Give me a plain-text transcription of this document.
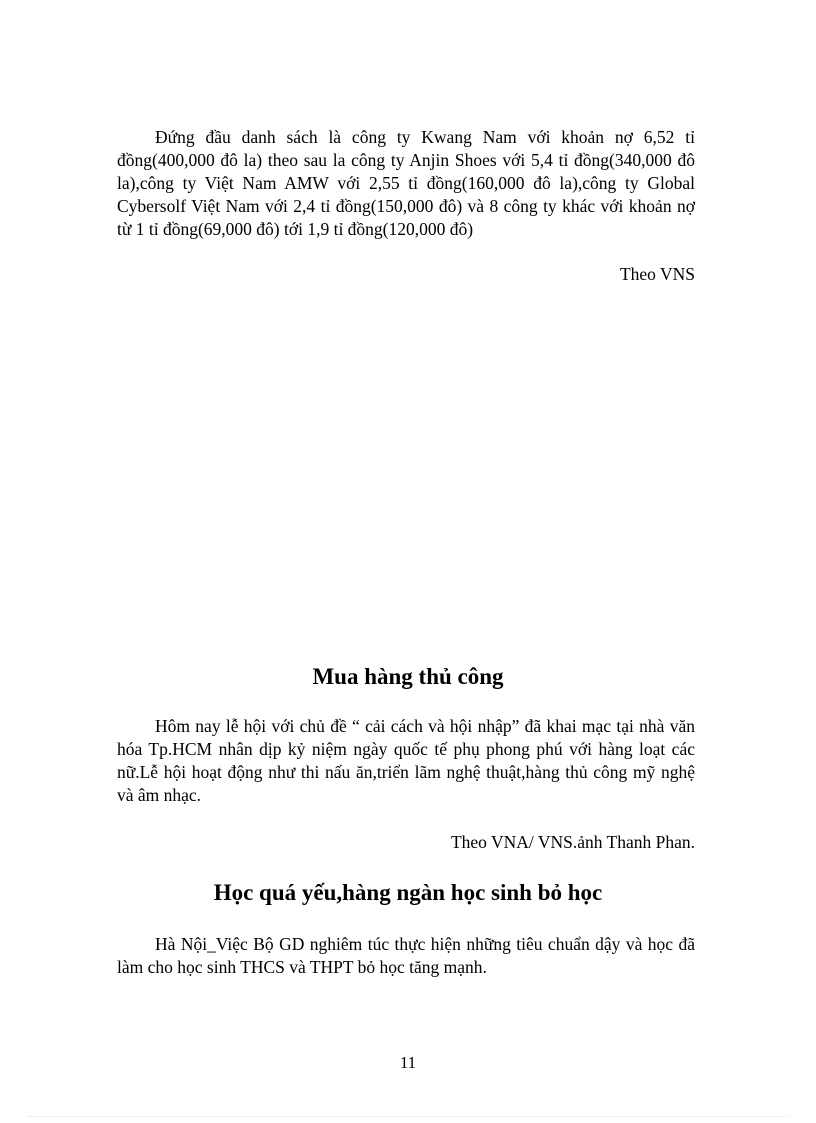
Đứng đầu danh sách là công ty Kwang Nam với khoản nợ 6,52 tỉ đồng(400,000 đô la) theo sau la công ty Anjin Shoes với 5,4 tỉ đồng(340,000 đô la),công ty Việt Nam AMW với 2,55 tỉ đồng(160,000 đô la),công ty Global Cybersolf Việt Nam với 2,4 tỉ đồng(150,000 đô) và 8 công ty khác với khoản nợ từ 1 tỉ đồng(69,000 đô) tới 1,9 tỉ đồng(120,000 đô)

Theo VNS

Mua hàng thủ công

Hôm nay lễ hội với chủ đề “ cải cách và hội nhập” đã khai mạc tại nhà văn hóa Tp.HCM nhân dịp kỷ niệm ngày quốc tế phụ phong phú với hàng loạt các nữ.Lễ hội hoạt động như thi nấu ăn,triển lãm nghệ thuật,hàng thủ công mỹ nghệ và âm nhạc.

Theo VNA/ VNS.ảnh Thanh Phan.

Học quá yếu,hàng ngàn học sinh bỏ học

Hà Nội_Việc Bộ GD nghiêm túc thực hiện những tiêu chuẩn dậy và học đã làm cho học sinh THCS và THPT bỏ học tăng mạnh.

11
